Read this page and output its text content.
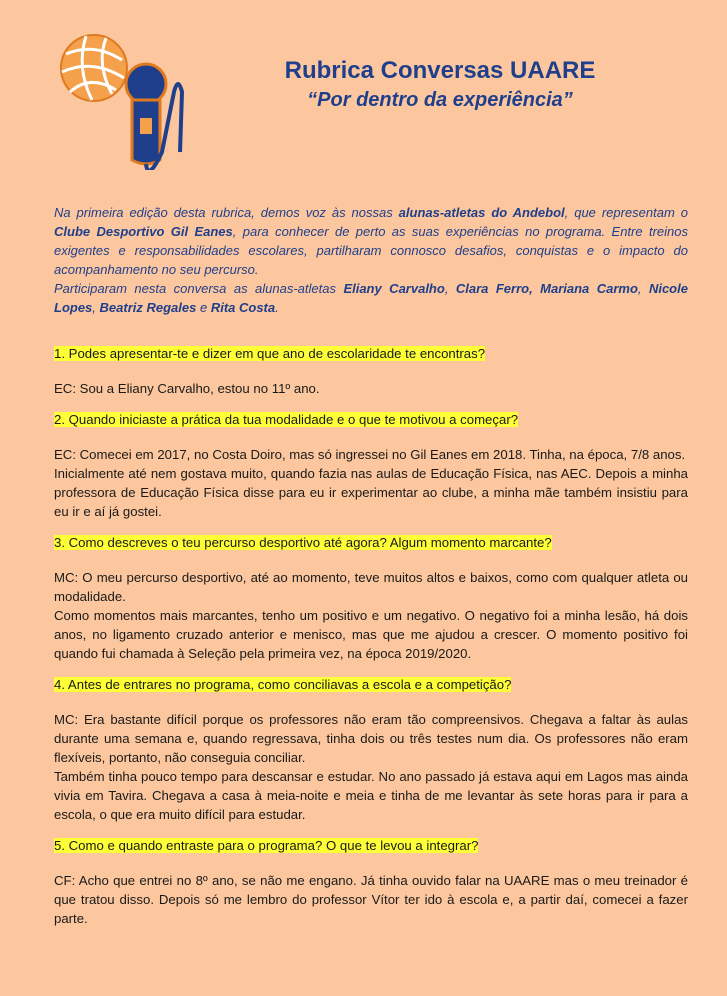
Rubrica Conversas UAARE
“Por dentro da experiência”
Na primeira edição desta rubrica, demos voz às nossas alunas-atletas do Andebol, que representam o Clube Desportivo Gil Eanes, para conhecer de perto as suas experiências no programa. Entre treinos exigentes e responsabilidades escolares, partilharam connosco desafios, conquistas e o impacto do acompanhamento no seu percurso.
Participaram nesta conversa as alunas-atletas Eliany Carvalho, Clara Ferro, Mariana Carmo, Nicole Lopes, Beatriz Regales e Rita Costa.
1. Podes apresentar-te e dizer em que ano de escolaridade te encontras?

EC: Sou a Eliany Carvalho, estou no 11º ano.

2. Quando iniciaste a prática da tua modalidade e o que te motivou a começar?

EC: Comecei em 2017, no Costa Doiro, mas só ingressei no Gil Eanes em 2018. Tinha, na época, 7/8 anos.

Inicialmente até nem gostava muito, quando fazia nas aulas de Educação Física, nas AEC. Depois a minha professora de Educação Física disse para eu ir experimentar ao clube, a minha mãe também insistiu para eu ir e aí já gostei.

3. Como descreves o teu percurso desportivo até agora? Algum momento marcante?

MC: O meu percurso desportivo, até ao momento, teve muitos altos e baixos, como com qualquer atleta ou modalidade.

Como momentos mais marcantes, tenho um positivo e um negativo. O negativo foi a minha lesão, há dois anos, no ligamento cruzado anterior e menisco, mas que me ajudou a crescer. O momento positivo foi quando fui chamada à Seleção pela primeira vez, na época 2019/2020.

4. Antes de entrares no programa, como conciliavas a escola e a competição?

MC: Era bastante difícil porque os professores não eram tão compreensivos. Chegava a faltar às aulas durante uma semana e, quando regressava, tinha dois ou três testes num dia. Os professores não eram flexíveis, portanto, não conseguia conciliar.

Também tinha pouco tempo para descansar e estudar. No ano passado já estava aqui em Lagos mas ainda vivia em Tavira. Chegava a casa à meia-noite e meia e tinha de me levantar às sete horas para ir para a escola, o que era muito difícil para estudar.

5. Como e quando entraste para o programa? O que te levou a integrar?

CF: Acho que entrei no 8º ano, se não me engano. Já tinha ouvido falar na UAARE mas o meu treinador é que tratou disso. Depois só me lembro do professor Vítor ter ido à escola e, a partir daí, comecei a fazer parte.
